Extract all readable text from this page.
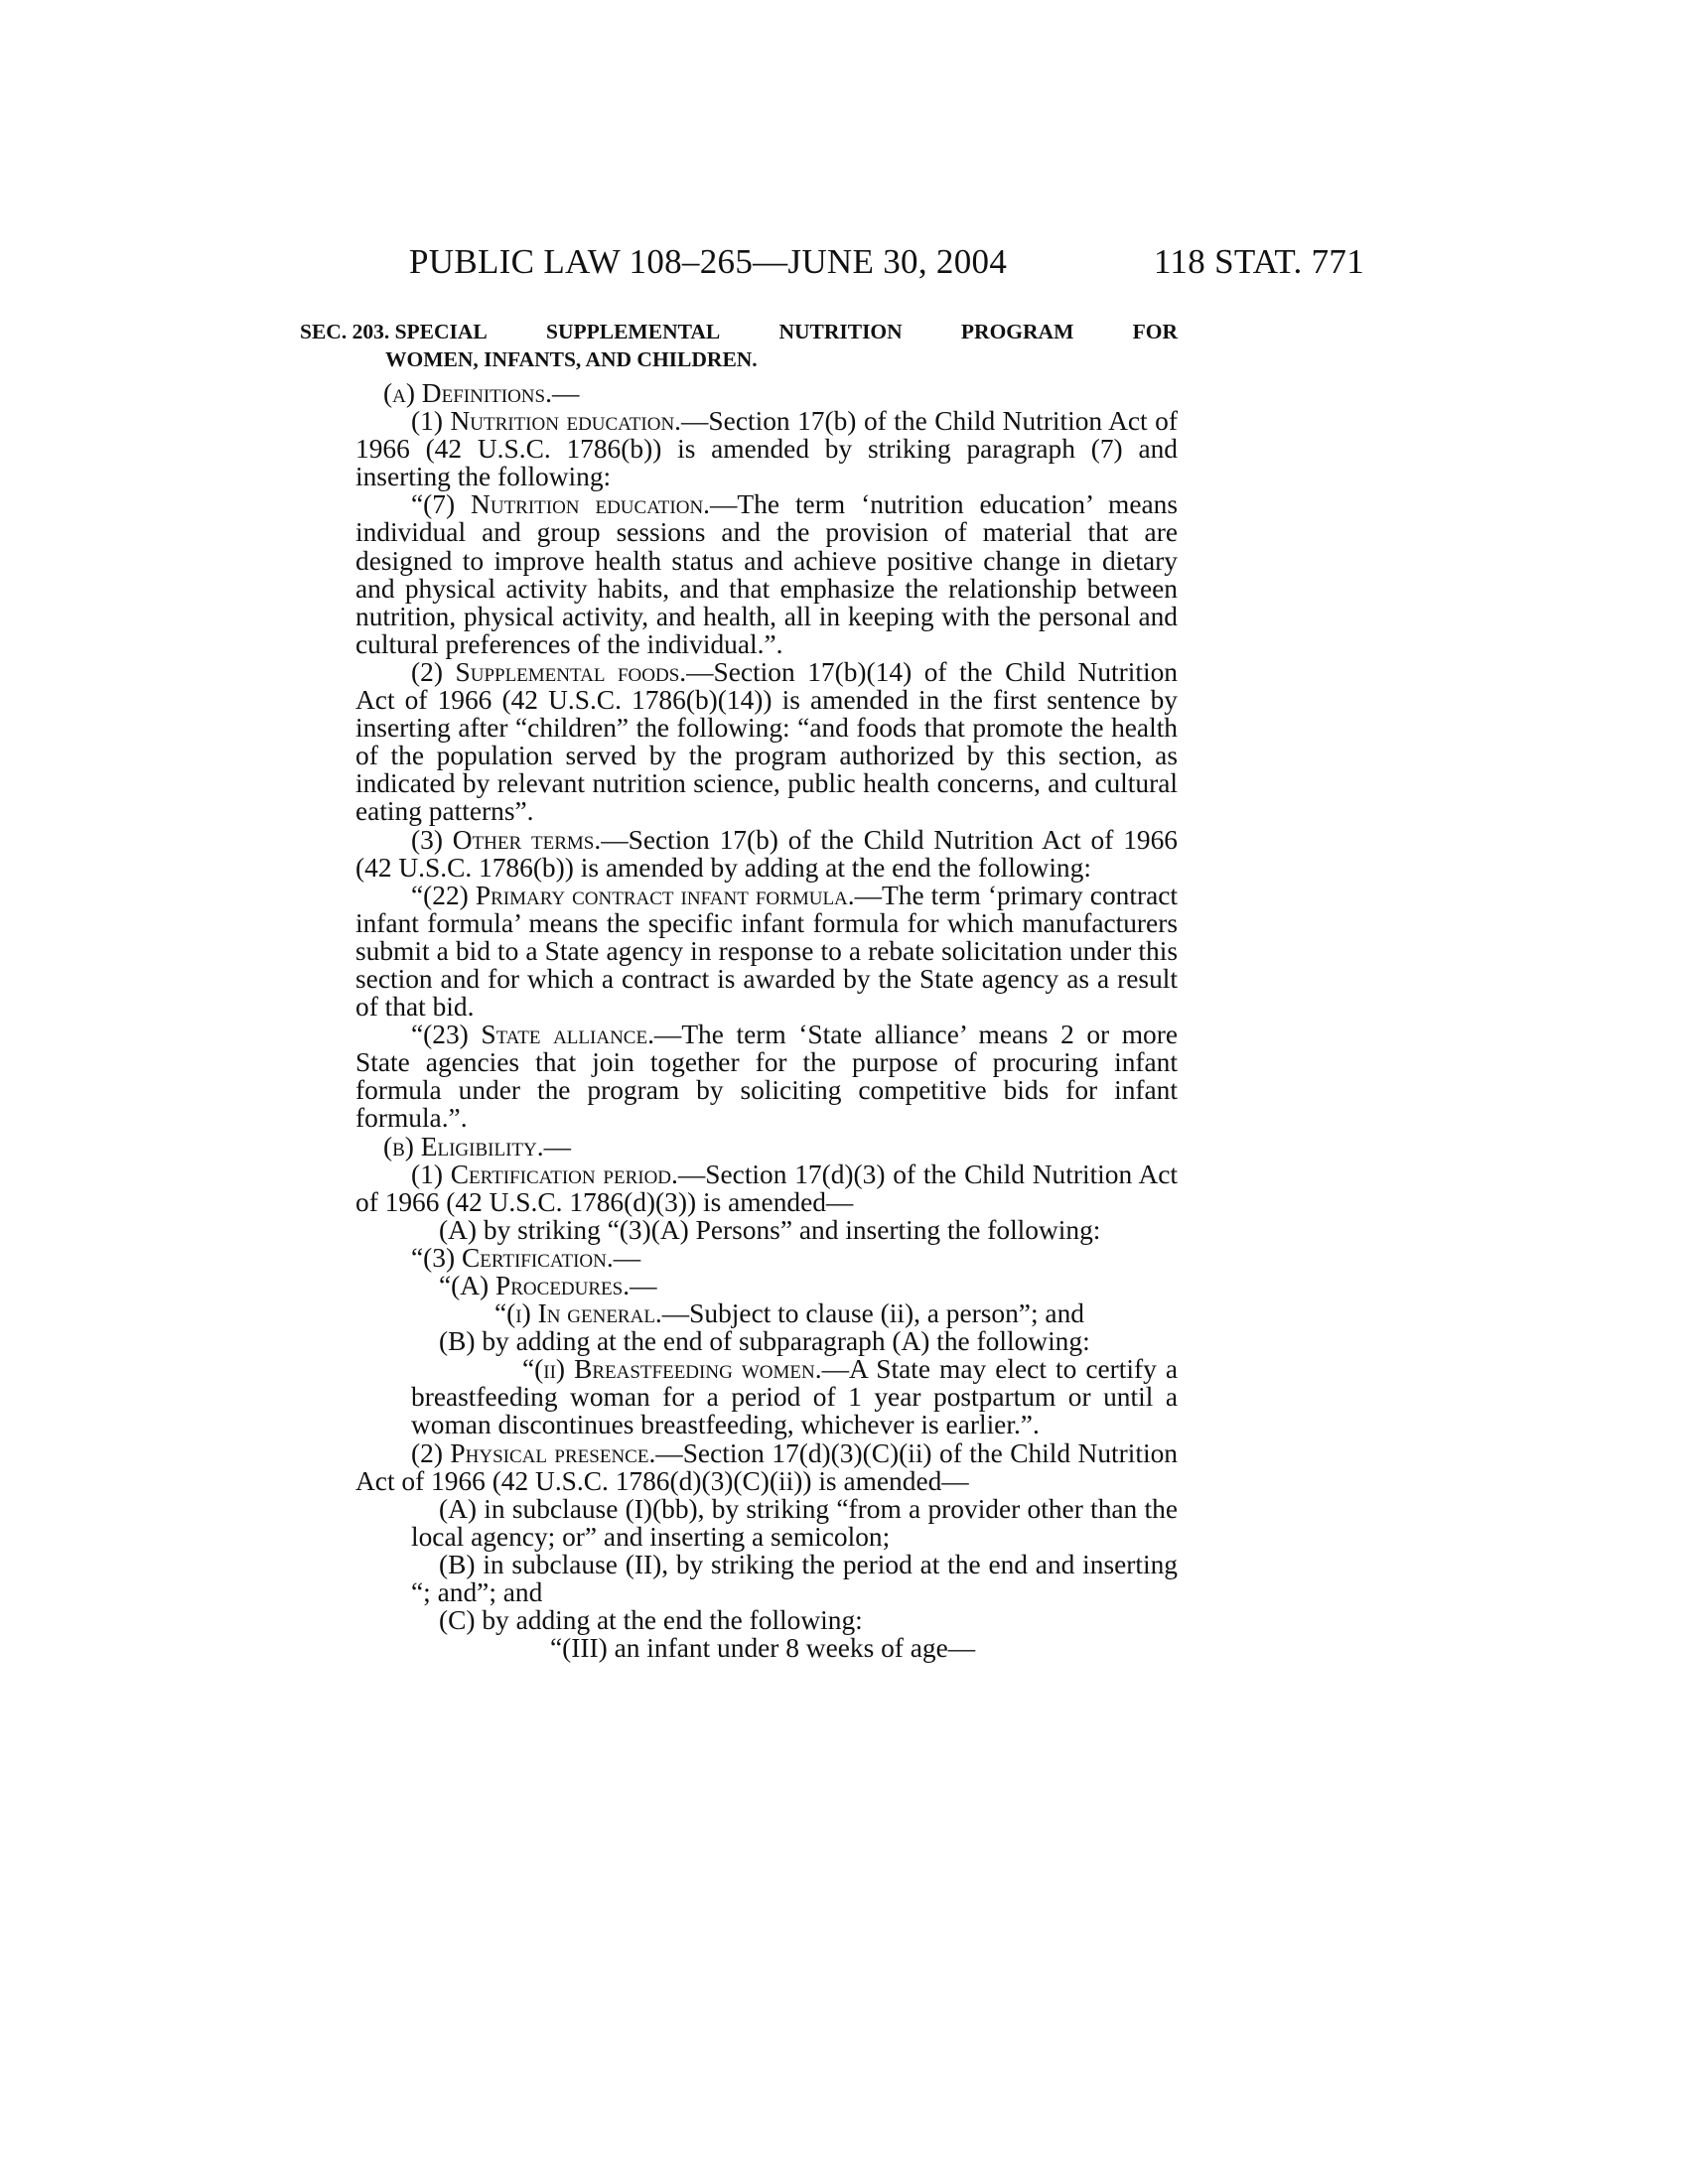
PUBLIC LAW 108–265—JUNE 30, 2004	118 STAT. 771
SEC. 203. SPECIAL	SUPPLEMENTAL	NUTRITION	PROGRAM	FOR
WOMEN, INFANTS, AND CHILDREN.

(a) Definitions.—

(1) Nutrition education.—Section 17(b) of the Child Nutrition Act of 1966 (42 U.S.C. 1786(b)) is amended by striking paragraph (7) and inserting the following:

“(7) Nutrition education.—The term ‘nutrition education’ means individual and group sessions and the provision of material that are designed to improve health status and achieve positive change in dietary and physical activity habits, and that emphasize the relationship between nutrition, physical activity, and health, all in keeping with the personal and cultural preferences of the individual.”.

(2) Supplemental foods.—Section 17(b)(14) of the Child Nutrition Act of 1966 (42 U.S.C. 1786(b)(14)) is amended in the first sentence by inserting after “children” the following: “and foods that promote the health of the population served by the program authorized by this section, as indicated by relevant nutrition science, public health concerns, and cultural eating patterns”.

(3) Other terms.—Section 17(b) of the Child Nutrition Act of 1966 (42 U.S.C. 1786(b)) is amended by adding at the end the following:

“(22) Primary contract infant formula.—The term ‘primary contract infant formula’ means the specific infant formula for which manufacturers submit a bid to a State agency in response to a rebate solicitation under this section and for which a contract is awarded by the State agency as a result of that bid.

“(23) State alliance.—The term ‘State alliance’ means 2 or more State agencies that join together for the purpose of procuring infant formula under the program by soliciting competitive bids for infant formula.”.

(b) Eligibility.—

(1) Certification period.—Section 17(d)(3) of the Child Nutrition Act of 1966 (42 U.S.C. 1786(d)(3)) is amended—

(A) by striking “(3)(A) Persons” and inserting the following:

“(3) Certification.—

“(A) Procedures.—

“(i) In general.—Subject to clause (ii), a person”; and

(B) by adding at the end of subparagraph (A) the following:

“(ii) Breastfeeding women.—A State may elect to certify a breastfeeding woman for a period of 1 year postpartum or until a woman discontinues breastfeeding, whichever is earlier.”.

(2) Physical presence.—Section 17(d)(3)(C)(ii) of the Child Nutrition Act of 1966 (42 U.S.C. 1786(d)(3)(C)(ii)) is amended—

(A) in subclause (I)(bb), by striking “from a provider other than the local agency; or” and inserting a semicolon;

(B) in subclause (II), by striking the period at the end and inserting “; and”; and

(C) by adding at the end the following:

“(III) an infant under 8 weeks of age—
